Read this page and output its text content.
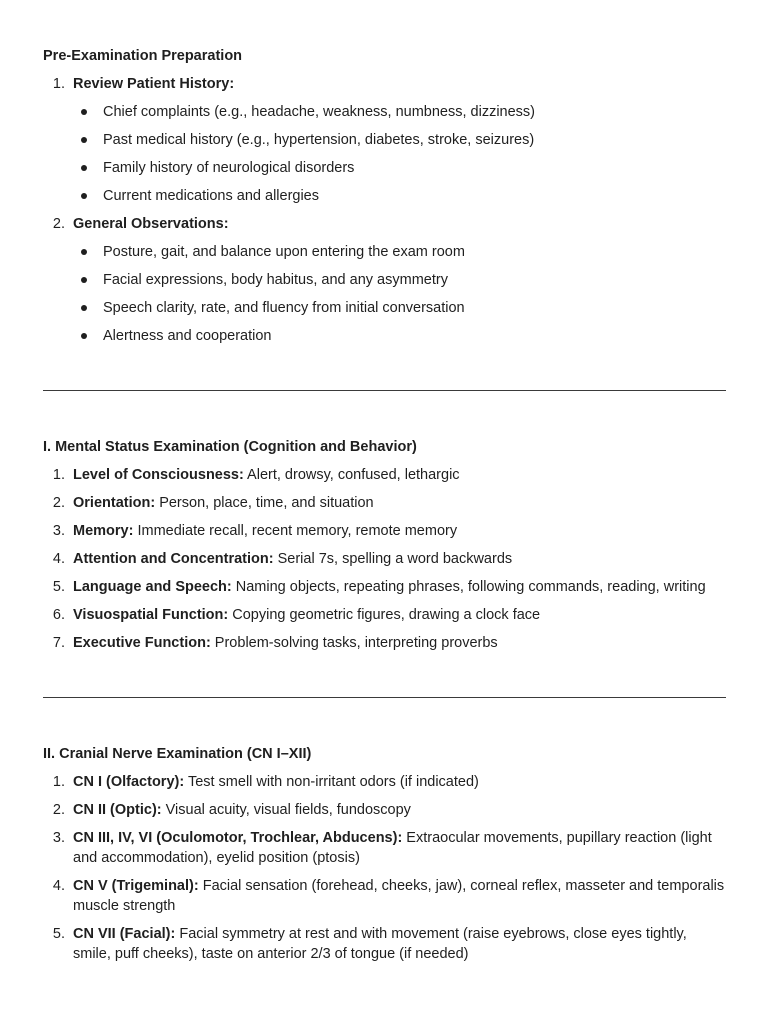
Pre-Examination Preparation
1. Review Patient History:
Chief complaints (e.g., headache, weakness, numbness, dizziness)
Past medical history (e.g., hypertension, diabetes, stroke, seizures)
Family history of neurological disorders
Current medications and allergies
2. General Observations:
Posture, gait, and balance upon entering the exam room
Facial expressions, body habitus, and any asymmetry
Speech clarity, rate, and fluency from initial conversation
Alertness and cooperation
I. Mental Status Examination (Cognition and Behavior)
1. Level of Consciousness: Alert, drowsy, confused, lethargic
2. Orientation: Person, place, time, and situation
3. Memory: Immediate recall, recent memory, remote memory
4. Attention and Concentration: Serial 7s, spelling a word backwards
5. Language and Speech: Naming objects, repeating phrases, following commands, reading, writing
6. Visuospatial Function: Copying geometric figures, drawing a clock face
7. Executive Function: Problem-solving tasks, interpreting proverbs
II. Cranial Nerve Examination (CN I–XII)
1. CN I (Olfactory): Test smell with non-irritant odors (if indicated)
2. CN II (Optic): Visual acuity, visual fields, fundoscopy
3. CN III, IV, VI (Oculomotor, Trochlear, Abducens): Extraocular movements, pupillary reaction (light and accommodation), eyelid position (ptosis)
4. CN V (Trigeminal): Facial sensation (forehead, cheeks, jaw), corneal reflex, masseter and temporalis muscle strength
5. CN VII (Facial): Facial symmetry at rest and with movement (raise eyebrows, close eyes tightly, smile, puff cheeks), taste on anterior 2/3 of tongue (if needed)
